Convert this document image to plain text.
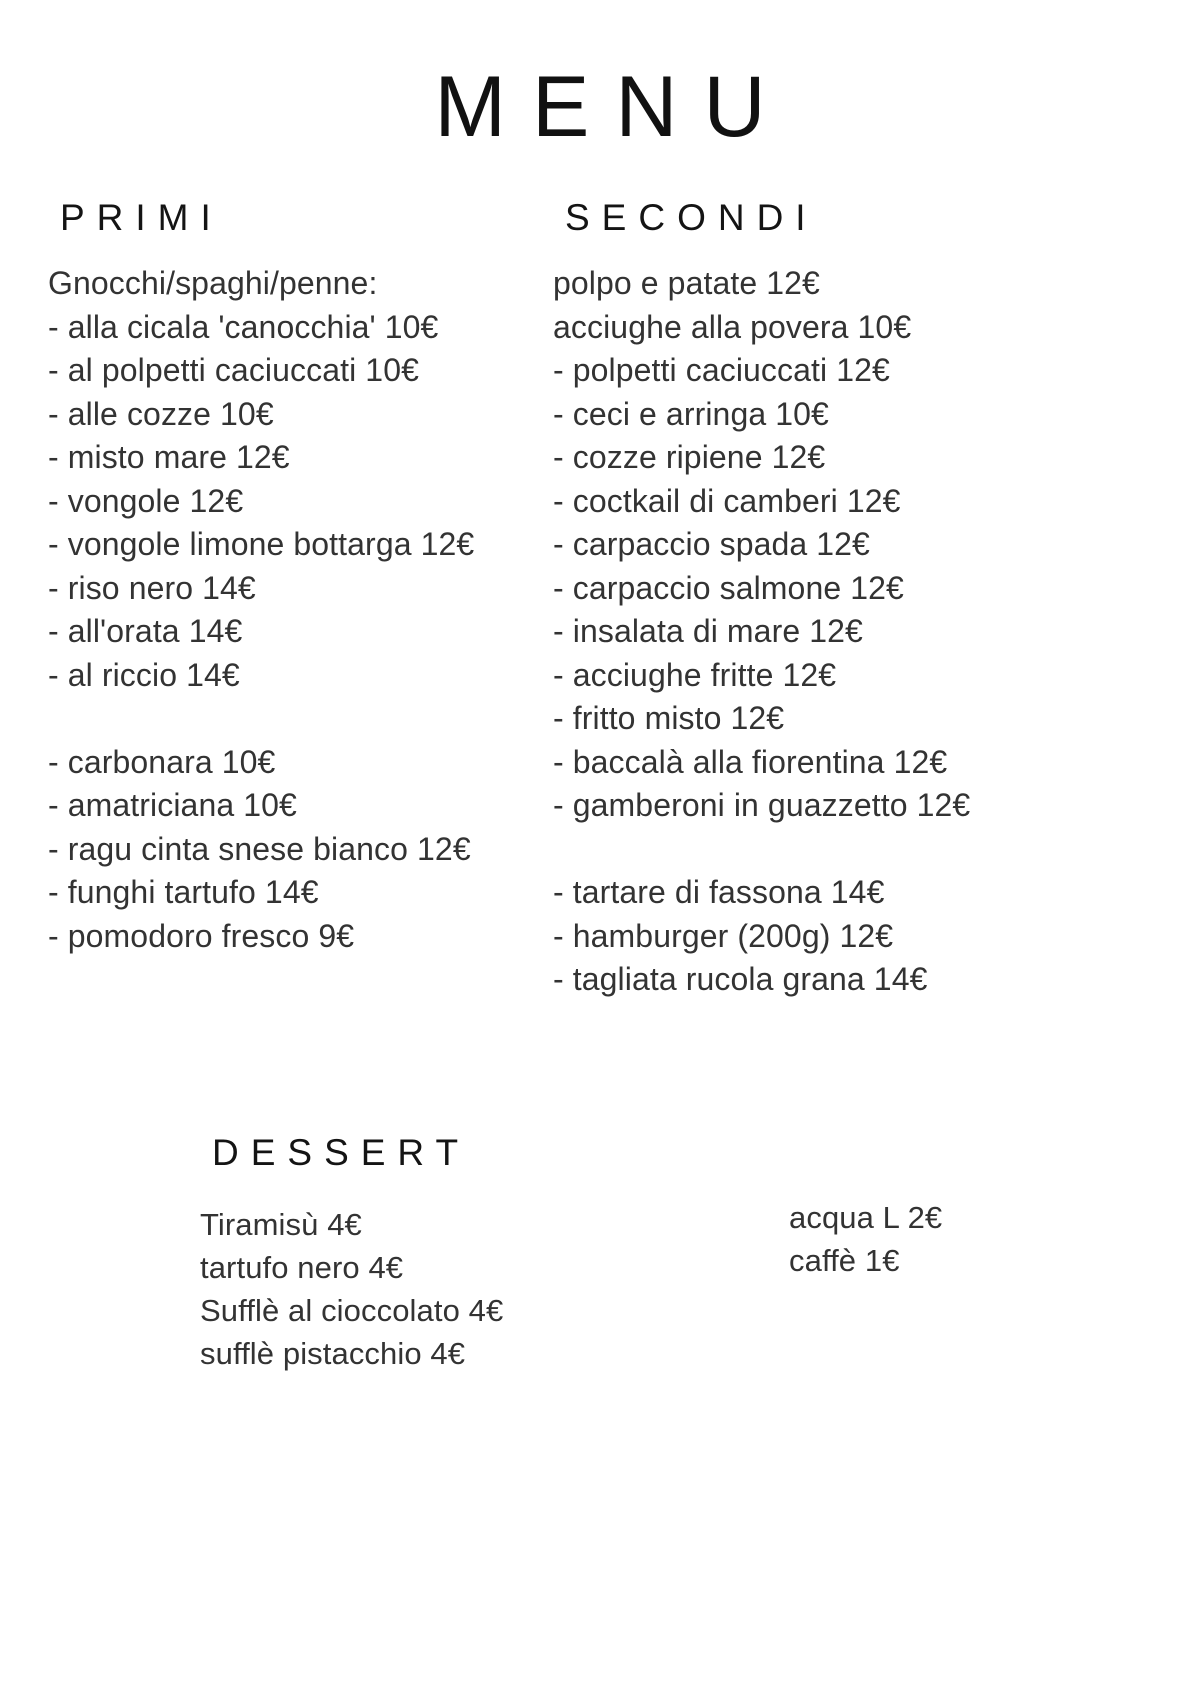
MENU
PRIMI
Gnocchi/spaghi/penne:
- alla cicala 'canocchia' 10€
- al polpetti caciuccati 10€
- alle cozze 10€
- misto mare 12€
- vongole 12€
- vongole limone bottarga 12€
- riso nero 14€
- all'orata 14€
- al riccio 14€
- carbonara 10€
- amatriciana 10€
- ragu cinta snese bianco 12€
- funghi tartufo 14€
- pomodoro fresco 9€
SECONDI
polpo e patate 12€
acciughe alla povera 10€
- polpetti caciuccati 12€
- ceci e arringa 10€
- cozze ripiene 12€
- coctkail di camberi 12€
- carpaccio spada 12€
- carpaccio salmone 12€
- insalata di mare 12€
- acciughe fritte 12€
- fritto misto 12€
- baccalà alla fiorentina 12€
- gamberoni in guazzetto 12€
- tartare di fassona 14€
- hamburger (200g) 12€
- tagliata rucola grana 14€
DESSERT
Tiramisù 4€
tartufo nero 4€
Sufflè al cioccolato 4€
sufflè pistacchio 4€
acqua L 2€
caffè 1€
